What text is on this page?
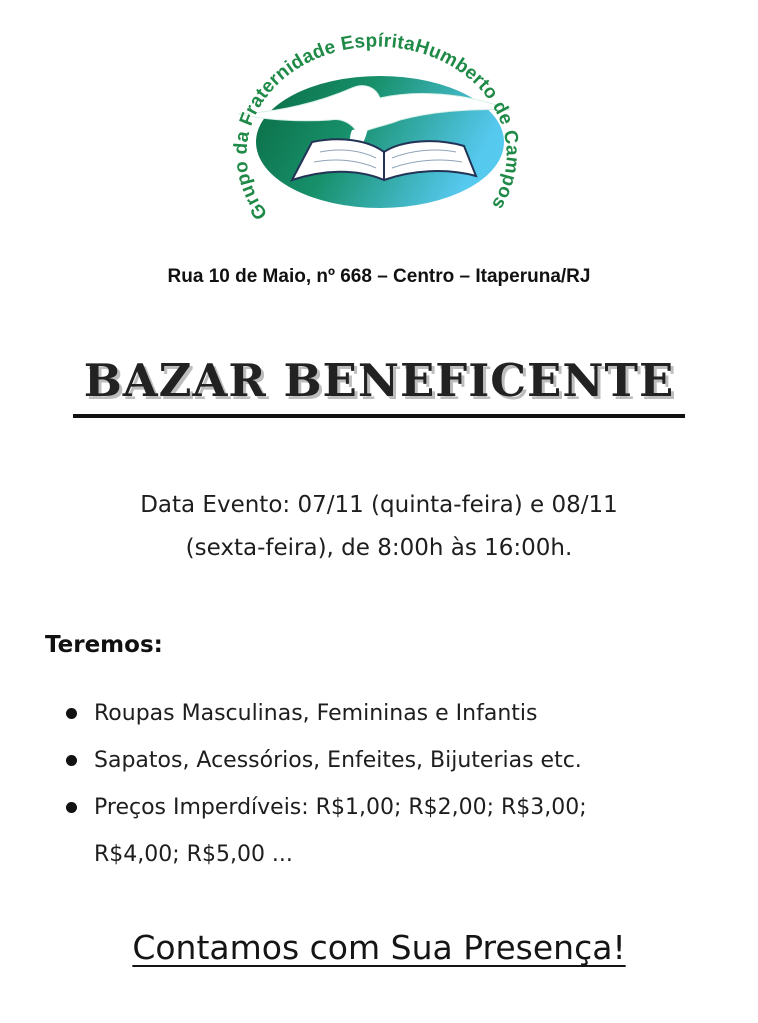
Grupo da Fraternidade EspíritaHumberto de Campos
Rua 10 de Maio, nº 668 – Centro – Itaperuna/RJ
BAZAR BENEFICENTE
Data Evento: 07/11 (quinta-feira) e 08/11
(sexta-feira), de 8:00h às 16:00h.
Teremos:
Roupas Masculinas, Femininas e Infantis
Sapatos, Acessórios, Enfeites, Bijuterias etc.
Preços Imperdíveis: R$1,00; R$2,00; R$3,00;
R$4,00; R$5,00 ...
Contamos com Sua Presença!
